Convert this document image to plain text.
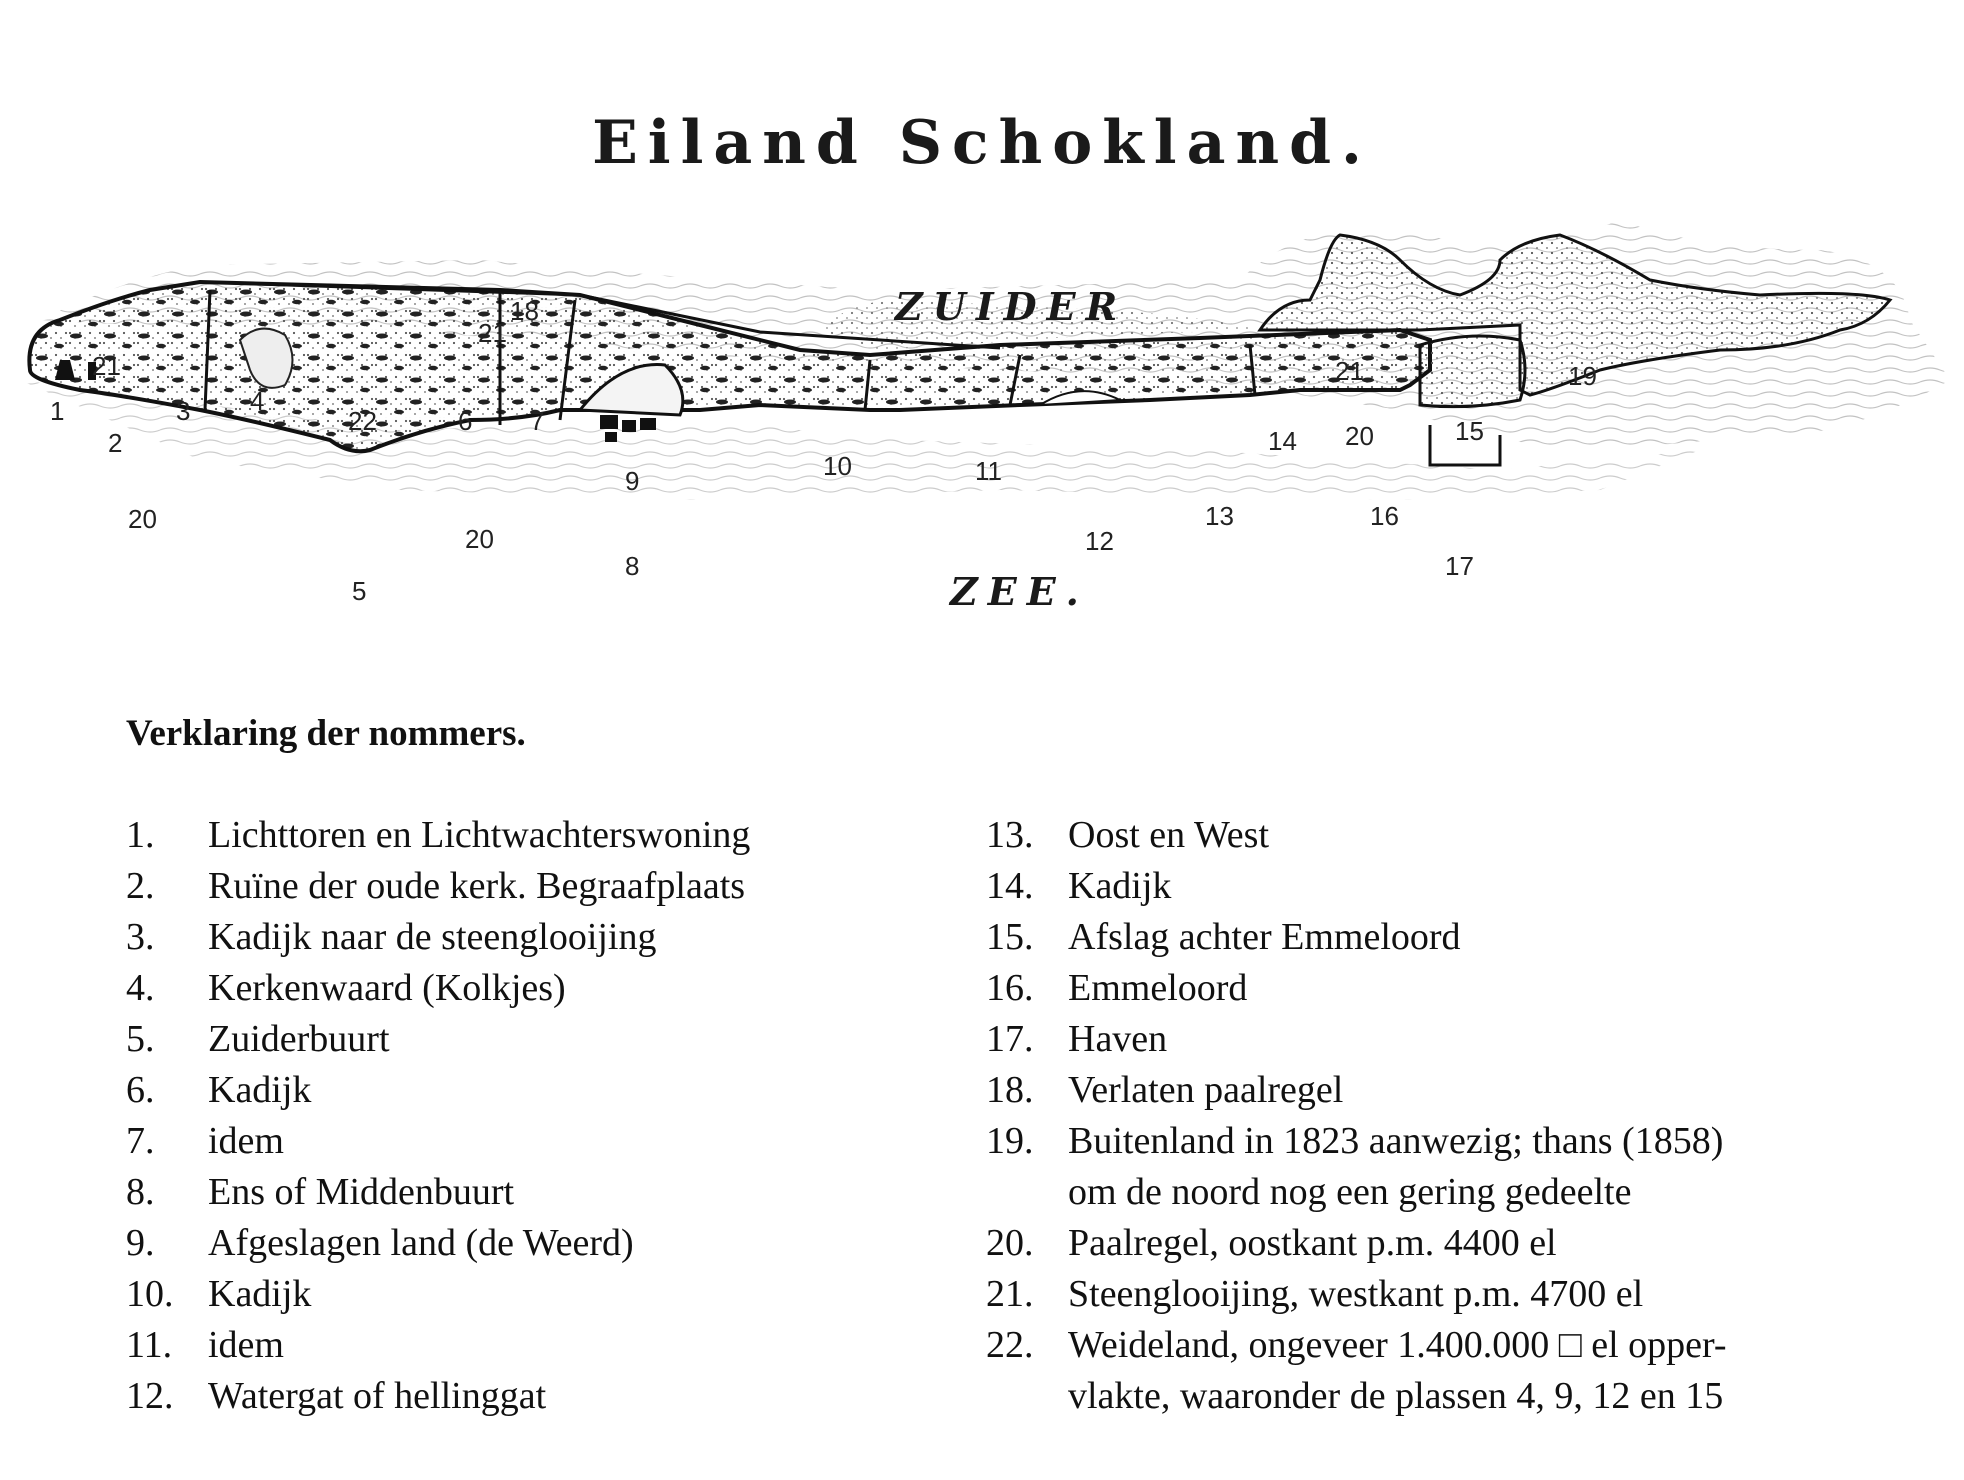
Eiland Schokland.
ZUIDER
ZEE.
1
2
3 4
5
6 7
8
9	10	11
12
13
14	15
16
17
18
19
20
20
20
21
21
21
22
Verklaring der nommers.
1.	Lichttoren en Lichtwachterswoning
2.	Ruïne der oude kerk. Begraafplaats
3.	Kadijk naar de steenglooijing
4.	Kerkenwaard (Kolkjes)
5.	Zuiderbuurt
6.	Kadijk
7.	idem
8.	Ens of Middenbuurt
9.	Afgeslagen land (de Weerd)
10. Kadijk
11. idem
12. Watergat of hellinggat
13. Oost en West
14. Kadijk
15. Afslag achter Emmeloord
16. Emmeloord
17. Haven
18. Verlaten paalregel
19. Buitenland in 1823 aanwezig; thans (1858)
om de noord nog een gering gedeelte
20. Paalregel, oostkant p.m. 4400 el
21. Steenglooijing, westkant p.m. 4700 el
22. Weideland, ongeveer 1.400.000 □ el opper-
vlakte, waaronder de plassen 4, 9, 12 en 15
